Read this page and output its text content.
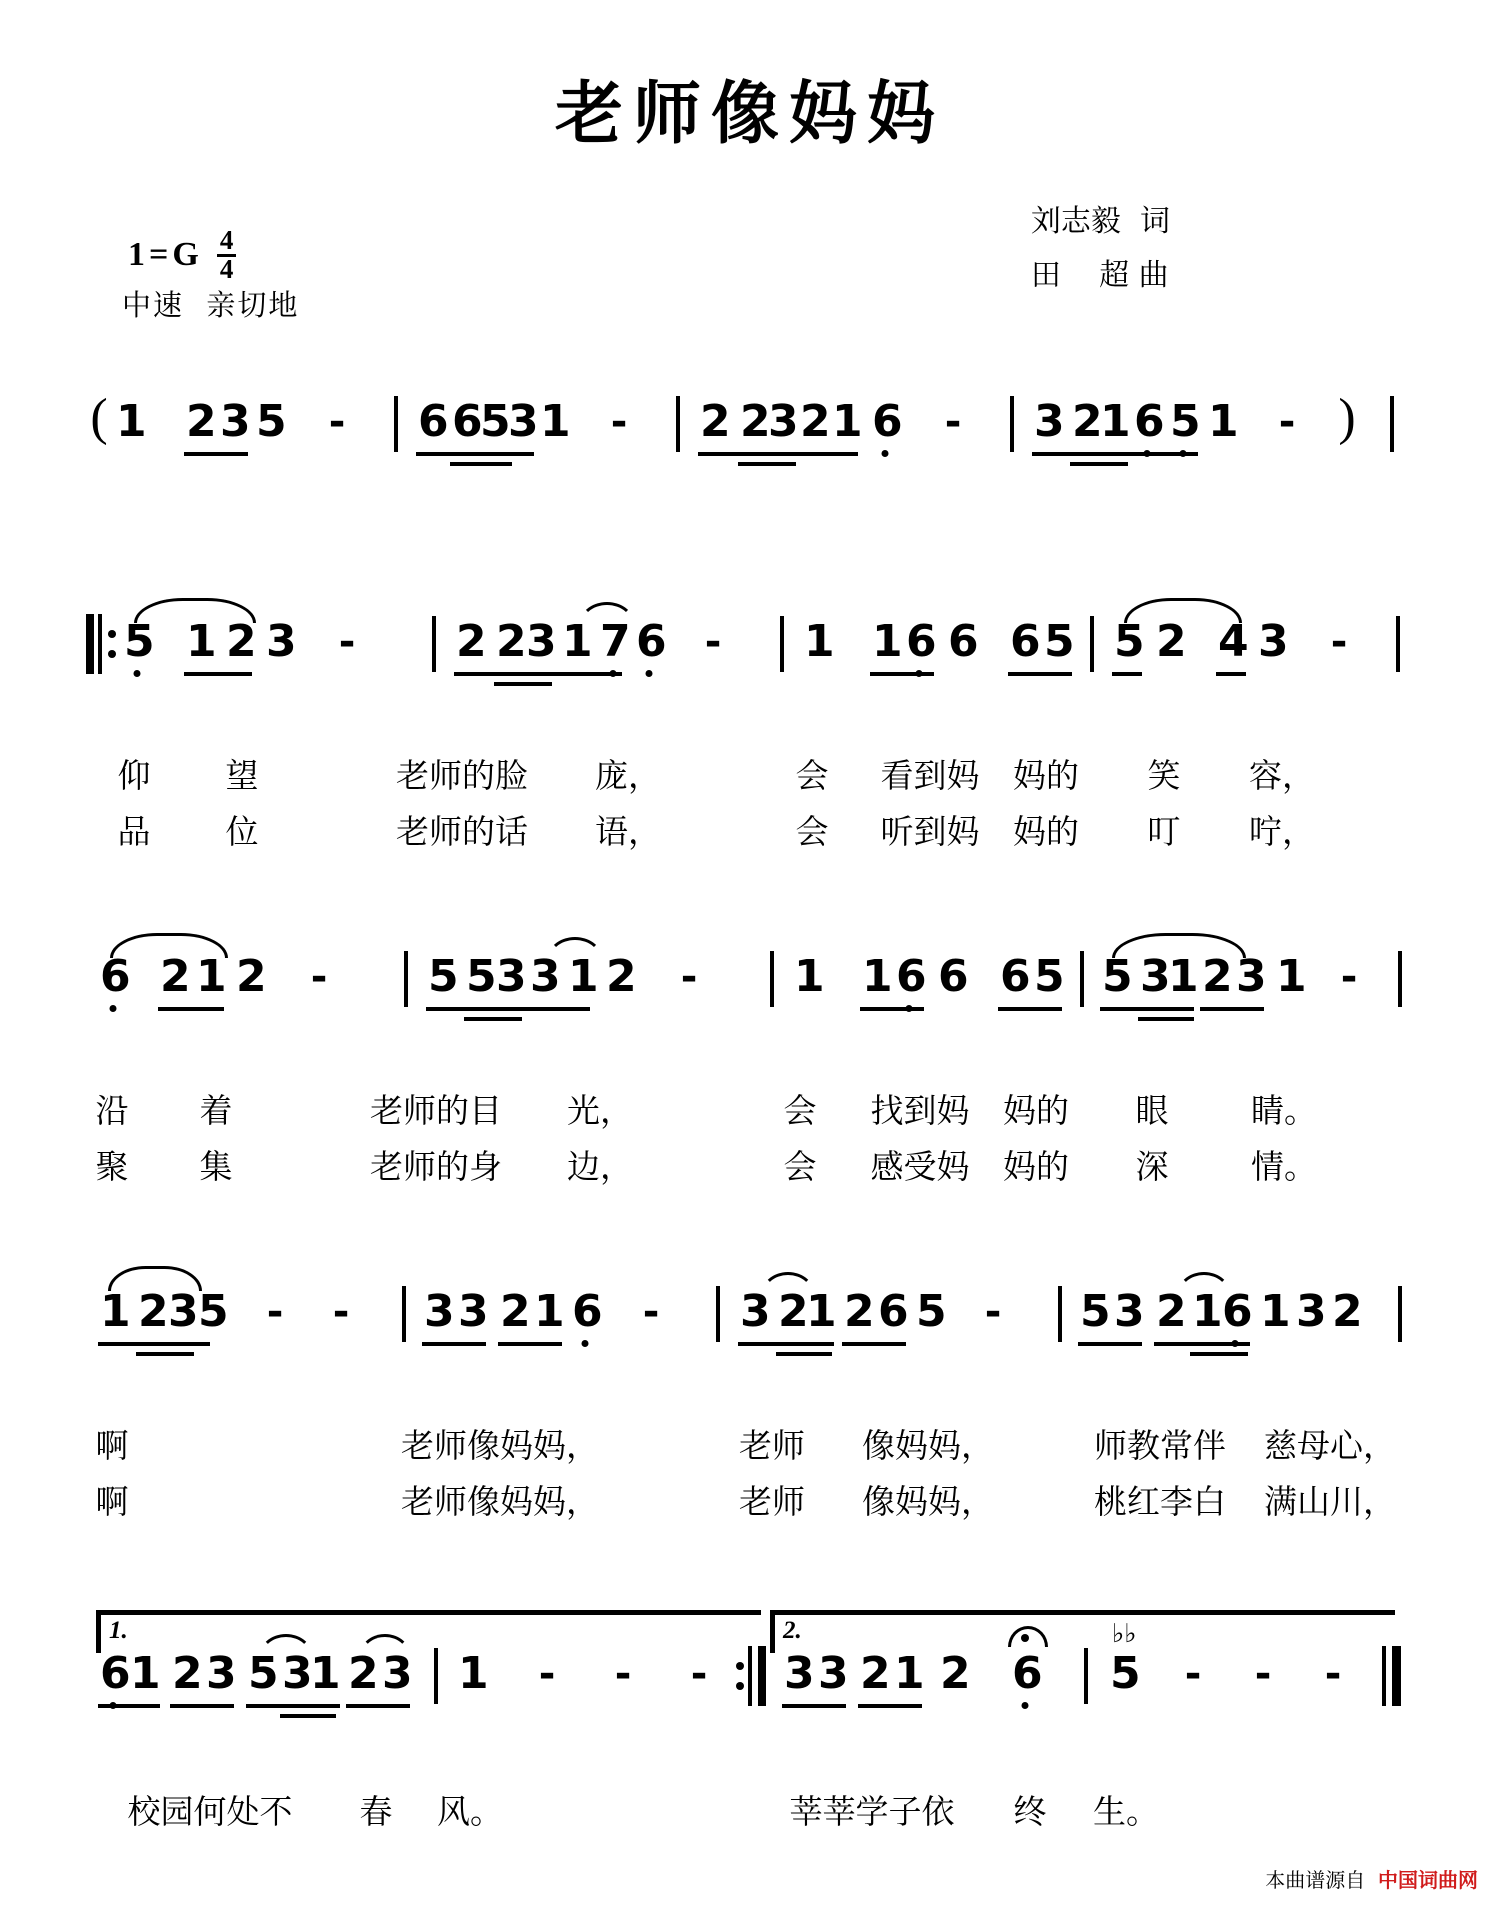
老师像妈妈
刘志毅  词
田    超 曲
1 = G $\frac{4}{4}$
中速  亲切地
( 1 2 3 5 - 6 6
5
3 1 - 2 2
3 2 1 6 - 3 2
1 6 5 1 - )
5 1 2 3 - 2 2 3 1 7 6 - 1 1 6 6 6 5 5 2 4 3 -
仰 望	老师的脸 庞，	会 看到妈 妈的 笑 容，
品 位	老师的话 语，	会 听到妈 妈的 叮 咛，
6 2 1 2 - 5 5 3 3 1 2 - 1 1 6 6 6 5 5 3
1 2 3 1 -
沿 着	老师的目 光，	会 找到妈 妈的 眼	睛。
聚 集	老师的身 边，	会 感受妈 妈的 深	情。
1 2 3 5 - - 3 3 2 1 6 - 3 2
1 2 6 5 - 5 3 2 1 6 1 3 2
啊	老师像妈妈，	老师 像妈妈，	师教常伴 慈母心，
啊	老师像妈妈，	老师 像妈妈，	桃红李白 满山川，
1.	2.
6 1 2 3 5 3
1 2 3 1 - - - 3 3 2 1 2 6
♭♭
5 - - -
校园何处不 春 风。	莘莘学子依 终 生。

本曲谱源自 中国词曲网
